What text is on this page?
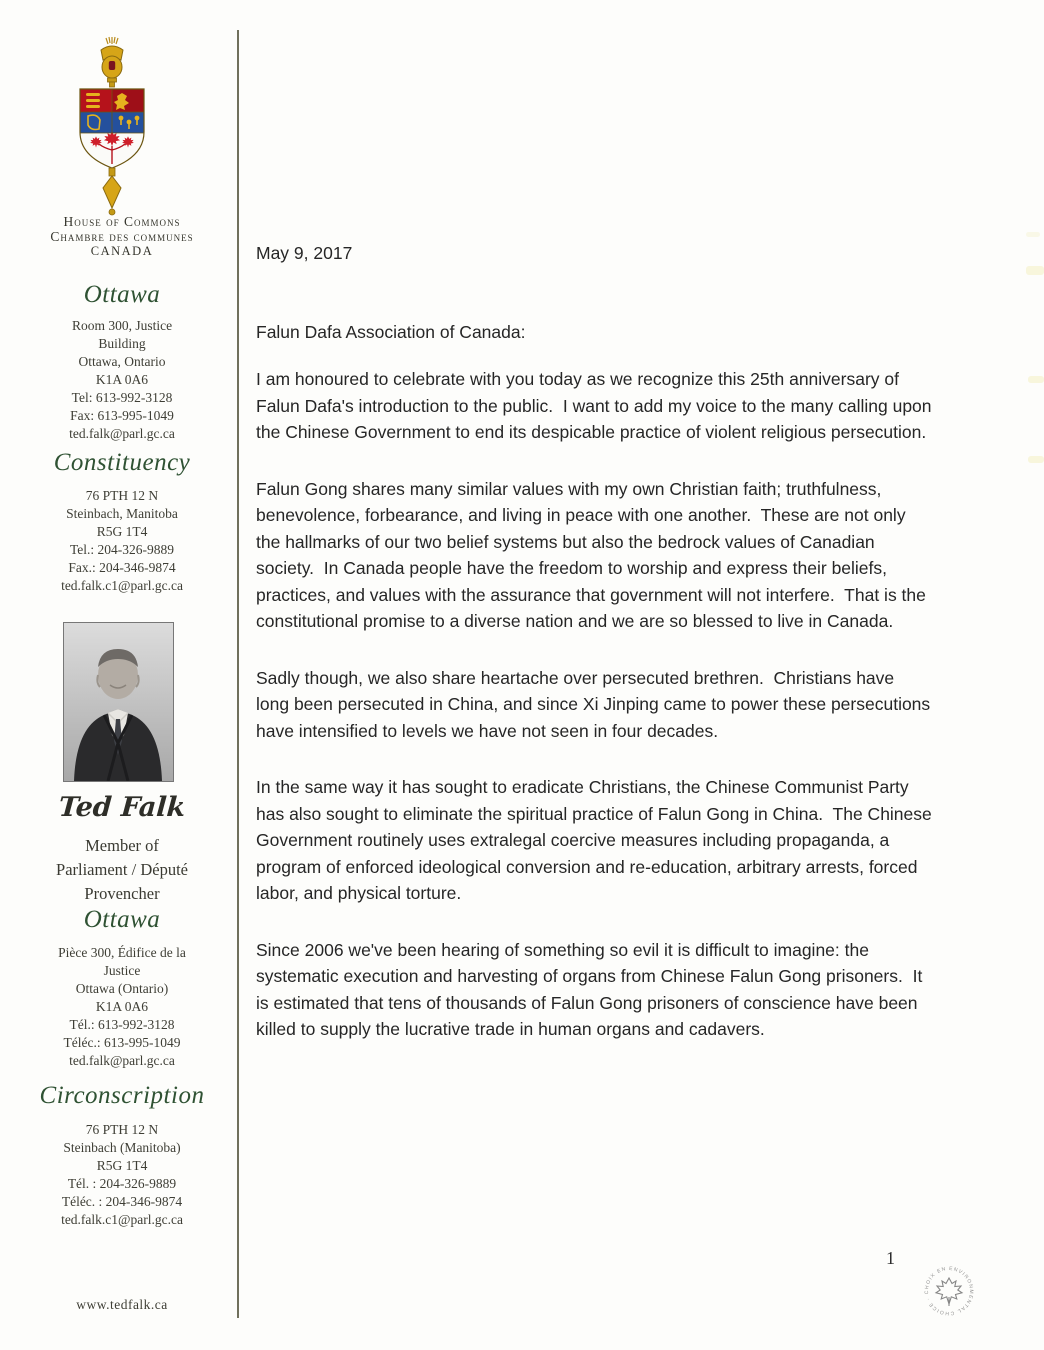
House of Commons
Chambre des communes
CANADA
Ottawa
Room 300, Justice
Building
Ottawa, Ontario
K1A 0A6
Tel: 613-992-3128
Fax: 613-995-1049
ted.falk@parl.gc.ca
Constituency
76 PTH 12 N
Steinbach, Manitoba
R5G 1T4
Tel.: 204-326-9889
Fax.: 204-346-9874
ted.falk.c1@parl.gc.ca
Ted Falk
Member of
Parliament / Député
Provencher
Ottawa
Pièce 300, Édifice de la
Justice
Ottawa (Ontario)
K1A 0A6
Tél.: 613-992-3128
Téléc.: 613-995-1049
ted.falk@parl.gc.ca
Circonscription
76 PTH 12 N
Steinbach (Manitoba)
R5G 1T4
Tél. : 204-326-9889
Téléc. : 204-346-9874
ted.falk.c1@parl.gc.ca
www.tedfalk.ca
May 9, 2017
Falun Dafa Association of Canada:

I am honoured to celebrate with you today as we recognize this 25th anniversary of Falun Dafa's introduction to the public.  I want to add my voice to the many calling upon the Chinese Government to end its despicable practice of violent religious persecution.

Falun Gong shares many similar values with my own Christian faith; truthfulness, benevolence, forbearance, and living in peace with one another.  These are not only the hallmarks of our two belief systems but also the bedrock values of Canadian society.  In Canada people have the freedom to worship and express their beliefs, practices, and values with the assurance that government will not interfere.  That is the constitutional promise to a diverse nation and we are so blessed to live in Canada.

Sadly though, we also share heartache over persecuted brethren.  Christians have long been persecuted in China, and since Xi Jinping came to power these persecutions have intensified to levels we have not seen in four decades.

In the same way it has sought to eradicate Christians, the Chinese Communist Party has also sought to eliminate the spiritual practice of Falun Gong in China.  The Chinese Government routinely uses extralegal coercive measures including propaganda, a program of enforced ideological conversion and re-education, arbitrary arrests, forced labor, and physical torture.

Since 2006 we've been hearing of something so evil it is difficult to imagine: the systematic execution and harvesting of organs from Chinese Falun Gong prisoners.  It is estimated that tens of thousands of Falun Gong prisoners of conscience have been killed to supply the lucrative trade in human organs and cadavers.

1
ENVIRONMENTAL CHOICE · CHOIX ENVIRONNEMENTAL ·
